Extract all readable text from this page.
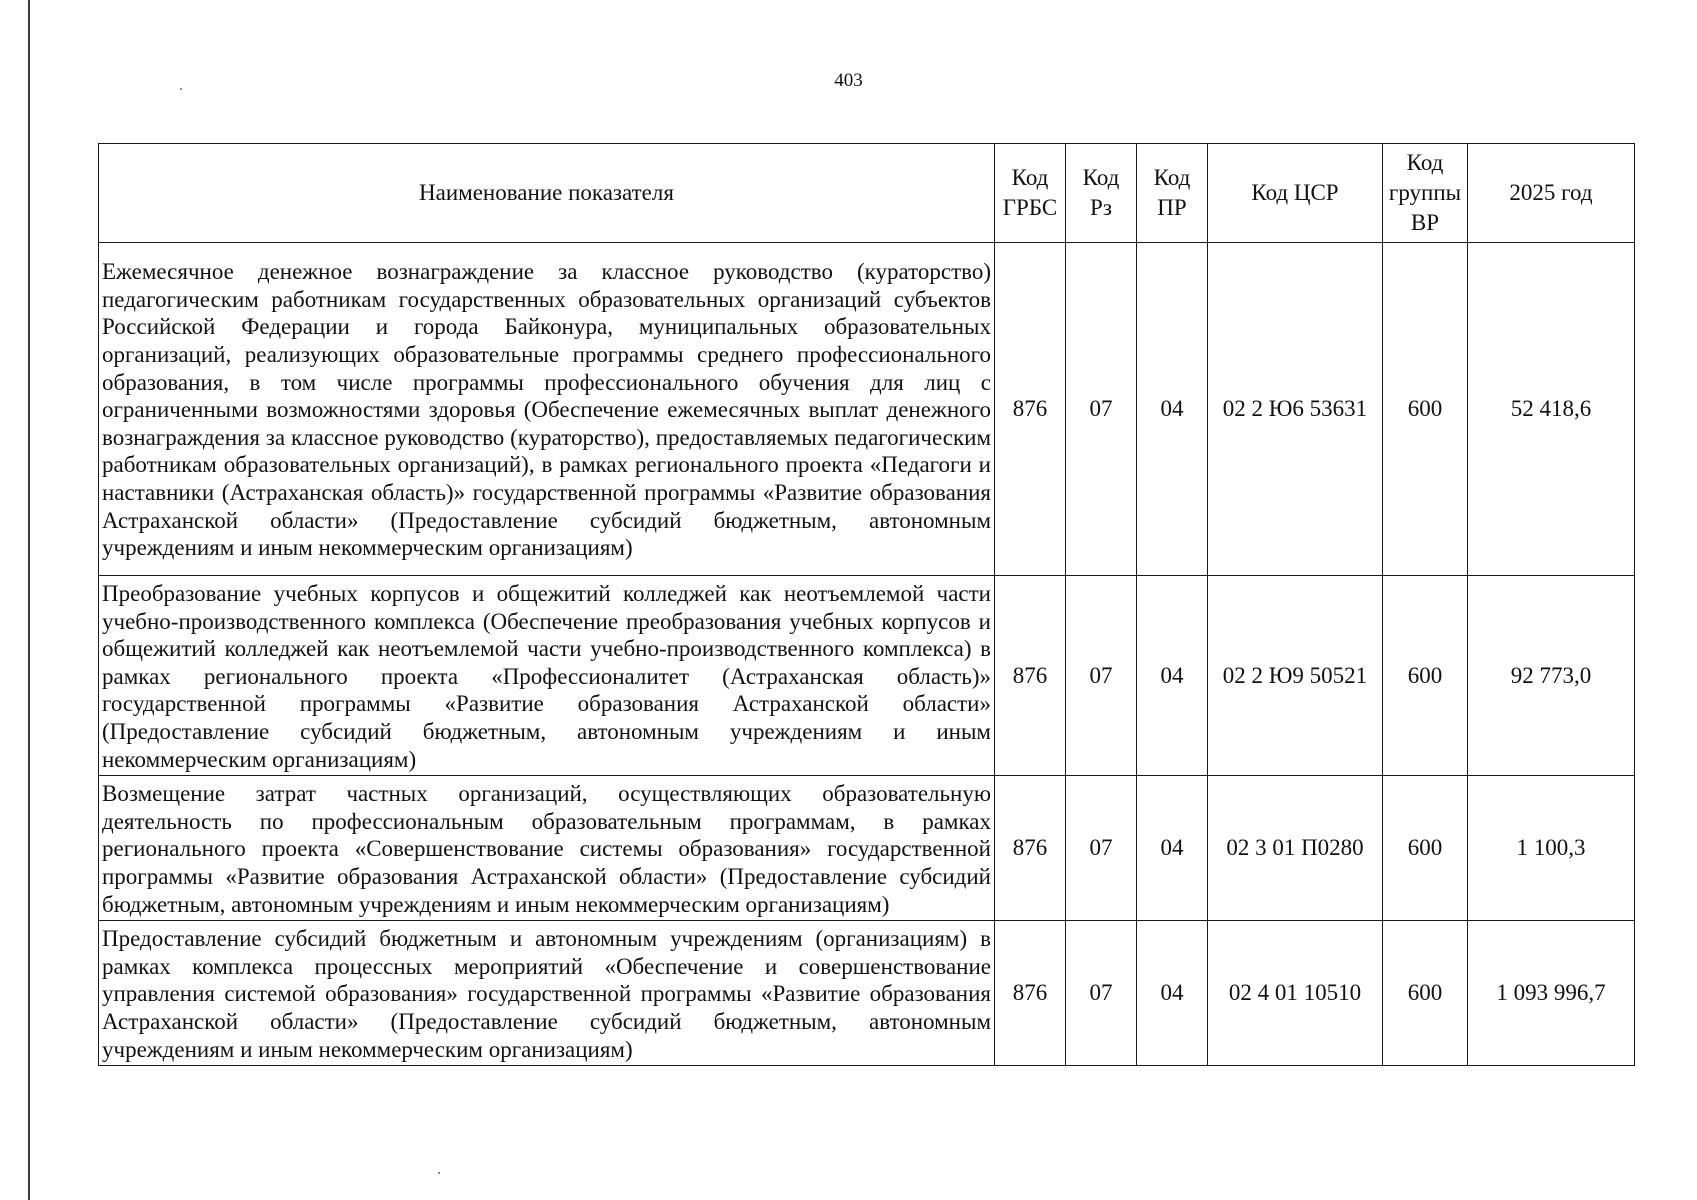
403
Наименование показателя	Код ГРБС	Код Рз	Код ПР	Код ЦСР	Код группы ВР	2025 год
Ежемесячное денежное вознаграждение за классное руководство (кураторство) педагогическим работникам государственных образовательных организаций субъектов Российской Федерации и города Байконура, муниципальных образовательных организаций, реализующих образовательные программы среднего профессионального образования, в том числе программы профессионального обучения для лиц с ограниченными возможностями здоровья (Обеспечение ежемесячных выплат денежного вознаграждения за классное руководство (кураторство), предоставляемых педагогическим работникам образовательных организаций), в рамках регионального проекта «Педагоги и наставники (Астраханская область)» государственной программы «Развитие образования Астраханской области» (Предоставление субсидий бюджетным, автономным учреждениям и иным некоммерческим организациям)	876	07	04	02 2 Ю6 53631	600	52 418,6
Преобразование учебных корпусов и общежитий колледжей как неотъемлемой части учебно-производственного комплекса (Обеспечение преобразования учебных корпусов и общежитий колледжей как неотъемлемой части учебно-производственного комплекса) в рамках регионального проекта «Профессионалитет (Астраханская область)» государственной программы «Развитие образования Астраханской области» (Предоставление субсидий бюджетным, автономным учреждениям и иным некоммерческим организациям)	876	07	04	02 2 Ю9 50521	600	92 773,0
Возмещение затрат частных организаций, осуществляющих образовательную деятельность по профессиональным образовательным программам, в рамках регионального проекта «Совершенствование системы образования» государственной программы «Развитие образования Астраханской области» (Предоставление субсидий бюджетным, автономным учреждениям и иным некоммерческим организациям)	876	07	04	02 3 01 П0280	600	1 100,3
Предоставление субсидий бюджетным и автономным учреждениям (организациям) в рамках комплекса процессных мероприятий «Обеспечение и совершенствование управления системой образования» государственной программы «Развитие образования Астраханской области» (Предоставление субсидий бюджетным, автономным учреждениям и иным некоммерческим организациям)	876	07	04	02 4 01 10510	600	1 093 996,7
